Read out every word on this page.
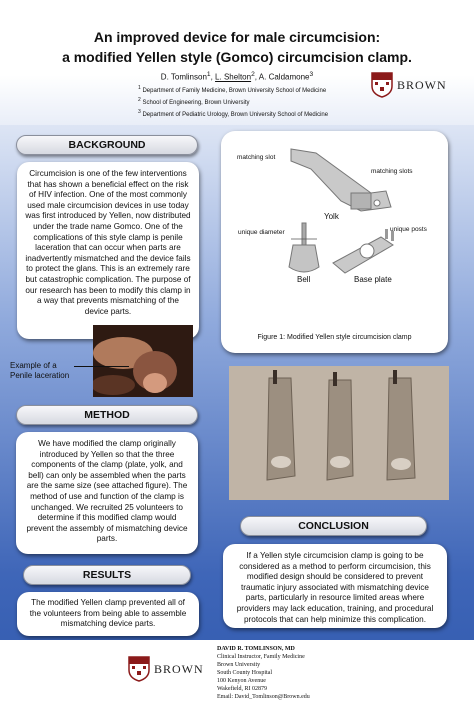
An improved device for male circumcision:
a modified Yellen style (Gomco) circumcision clamp.
D. Tomlinson$^1$, L. Shelton$^2$, A. Caldamone$^3$
$^1$ Department of Family Medicine, Brown University School of Medicine
$^2$ School of Engineering, Brown University
$^3$ Department of Pediatric Urology, Brown University School of Medicine
BROWN
BACKGROUND

Circumcision is one of the few interventions that has shown a beneficial effect on the risk of HIV infection. One of the most commonly used male circumcision devices in use today was first introduced by Yellen, now distributed under the trade name Gomco. One of the complications of this style clamp is penile laceration that can occur when parts are inadvertently mismatched and the device fails to protect the glans. This is an extremely rare but catastrophic complication. The purpose of our research has been to modify this clamp in a way that prevents mismatching of the device parts.

Example of a Penile laceration
matching slot
matching slots
Yolk
unique posts
unique diameter
Bell	Base plate
Figure 1: Modified Yellen style circumcision clamp
METHOD

We have modified the clamp originally introduced by Yellen so that the three components of the clamp (plate, yolk, and bell) can only be assembled when the parts are the same size (see attached figure). The method of use and function of the clamp is unchanged. We recruited 25 volunteers to determine if this modified clamp would prevent the assembly of mismatching device parts.

RESULTS

The modified Yellen clamp prevented all of the volunteers from being able to assemble mismatching device parts.

CONCLUSION

If a Yellen style circumcision clamp is going to be considered as a method to perform circumcision, this modified design should be considered to prevent traumatic injury associated with mismatching device parts, particularly in resource limited areas where providers may lack education, training, and procedural protocols that can help minimize this complication.

BROWN
DAVID R. TOMLINSON, MD
Clinical Instructor, Family Medicine
Brown University
South County Hospital
100 Kenyon Avenue
Wakefield, RI 02879
Email: David_Tomlinson@Brown.edu
